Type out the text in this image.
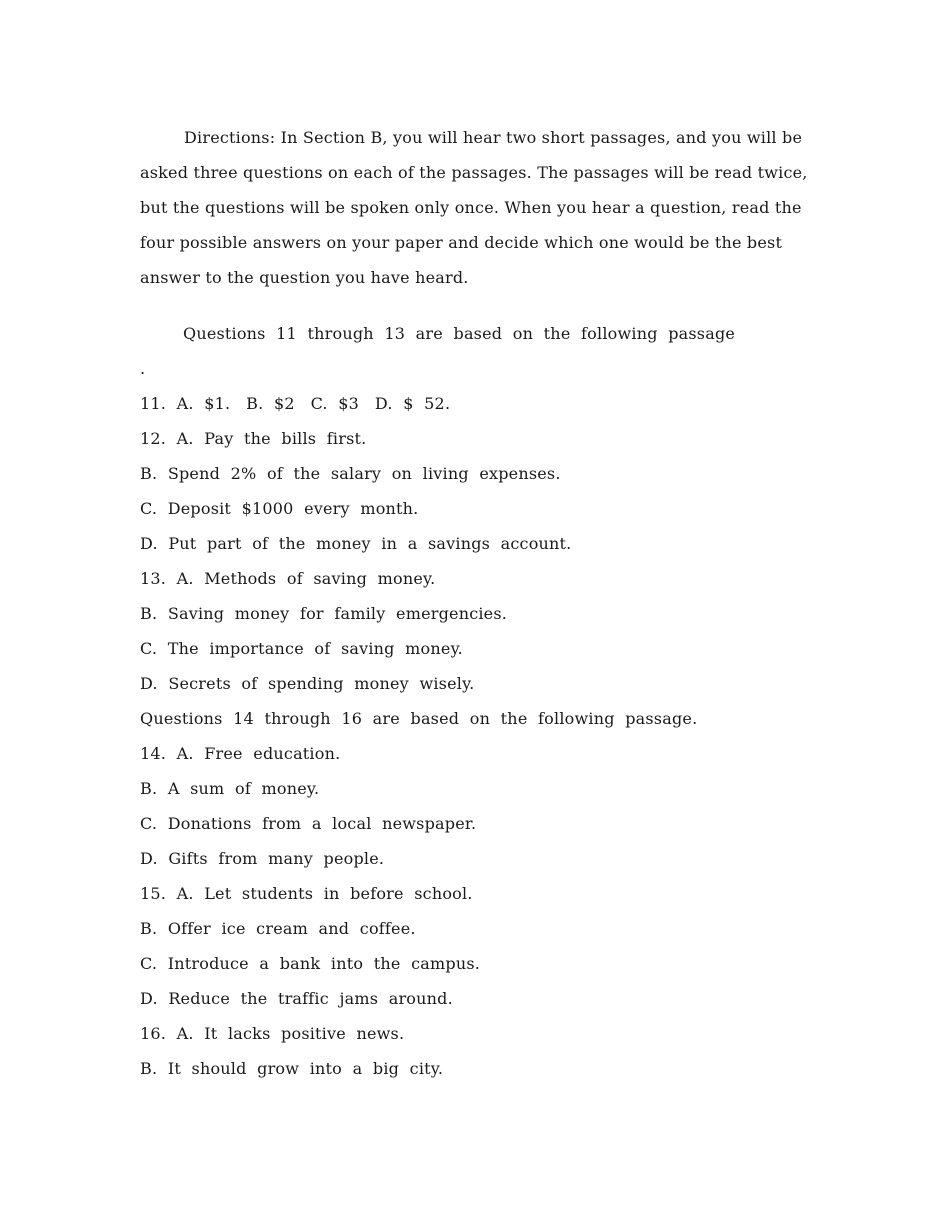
Directions: In Section B, you will hear two short passages, and you will be asked three questions on each of the passages. The passages will be read twice, but the questions will be spoken only once. When you hear a question, read the four possible answers on your paper and decide which one would be the best answer to the question you have heard.

Questions  11  through  13  are  based  on  the  following  passage
.
11.  A.  $1.   B.  $2   C.  $3   D.  $  52.
12.  A.  Pay  the  bills  first.
B.  Spend  2%  of  the  salary  on  living  expenses.
C.  Deposit  $1000  every  month.
D.  Put  part  of  the  money  in  a  savings  account.
13.  A.  Methods  of  saving  money.
B.  Saving  money  for  family  emergencies.
C.  The  importance  of  saving  money.
D.  Secrets  of  spending  money  wisely.
Questions  14  through  16  are  based  on  the  following  passage.
14.  A.  Free  education.
B.  A  sum  of  money.
C.  Donations  from  a  local  newspaper.
D.  Gifts  from  many  people.
15.  A.  Let  students  in  before  school.
B.  Offer  ice  cream  and  coffee.
C.  Introduce  a  bank  into  the  campus.
D.  Reduce  the  traffic  jams  around.
16.  A.  It  lacks  positive  news.
B.  It  should  grow  into  a  big  city.
